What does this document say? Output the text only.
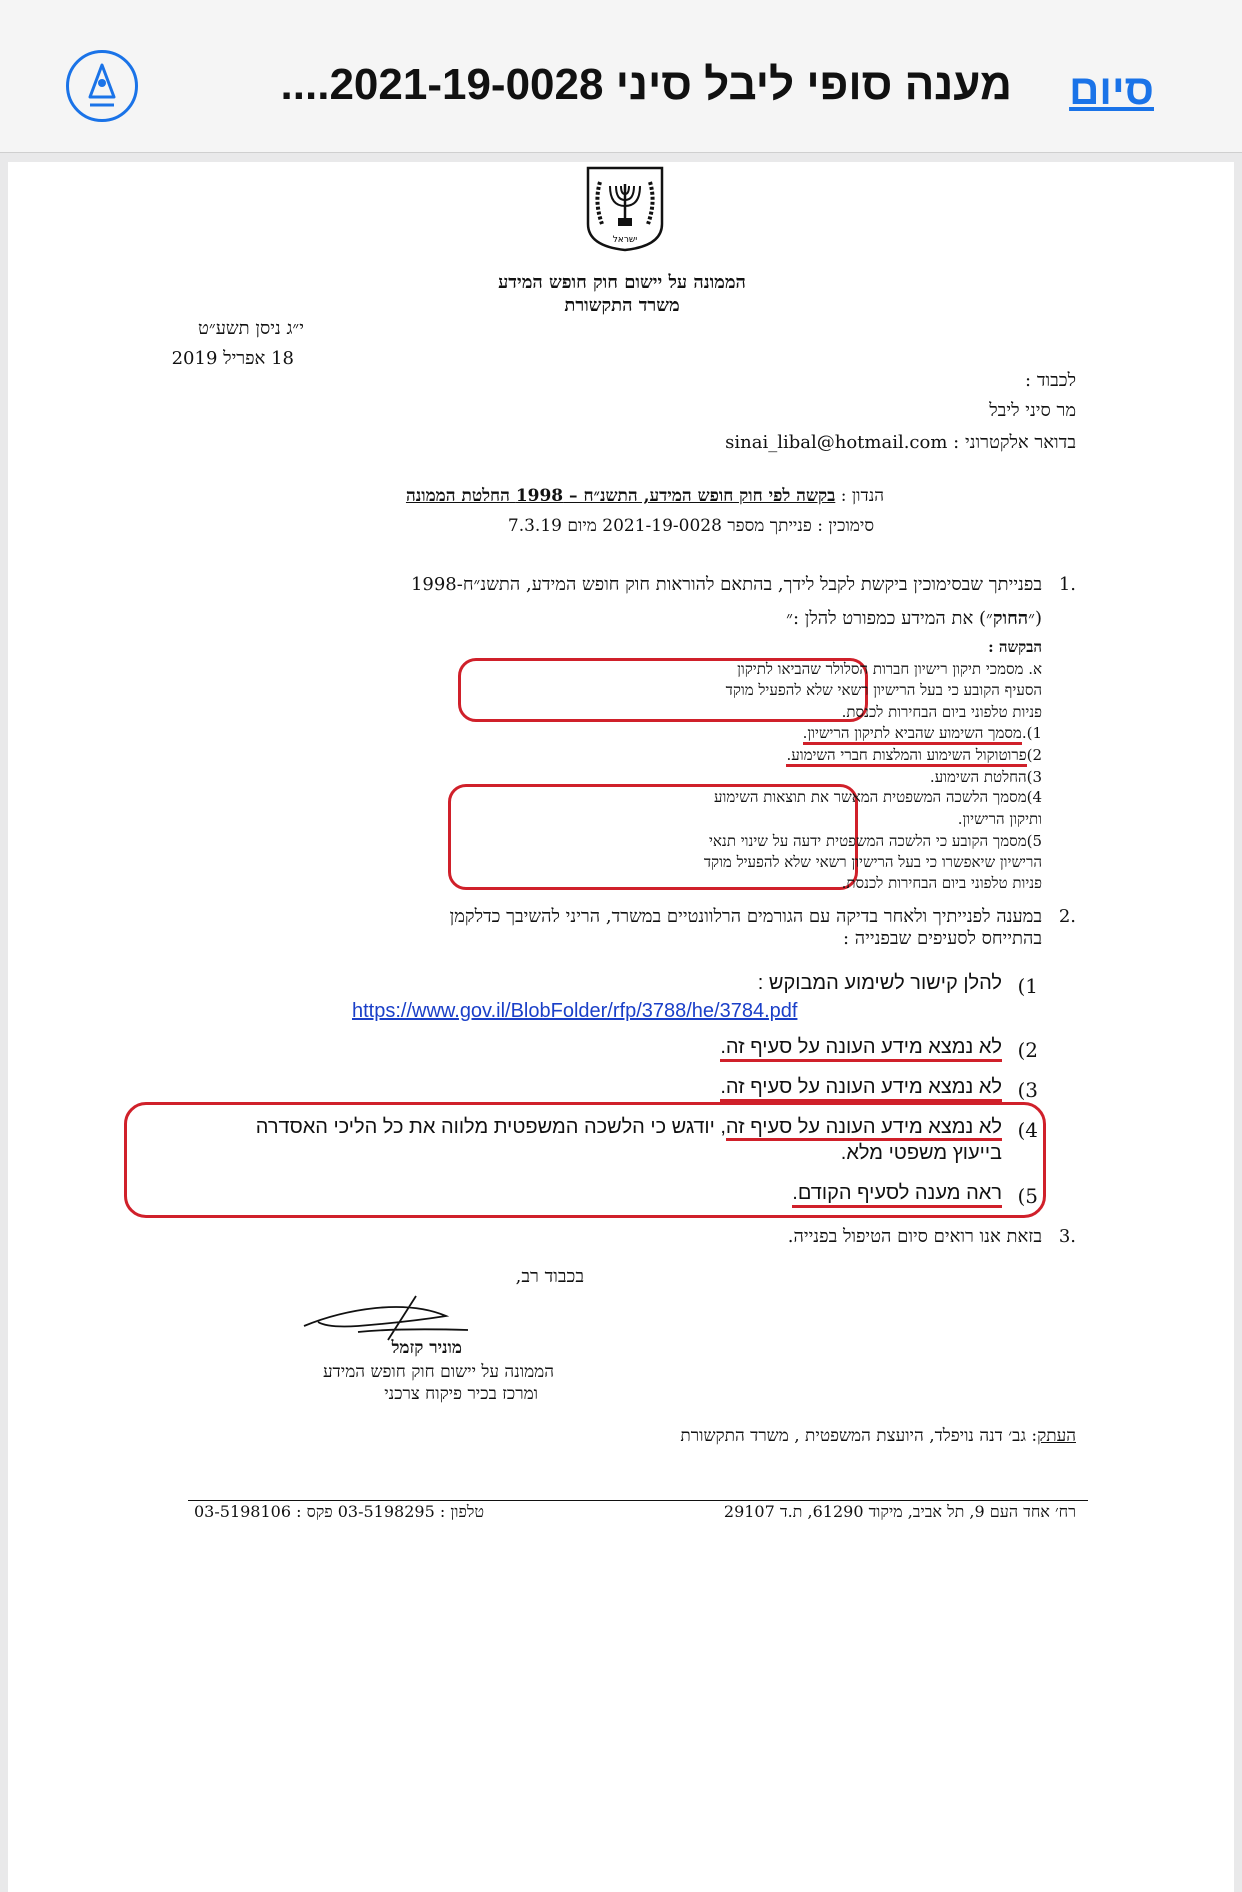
סיום
מענה סופי ליבל סיני 2021-19-0028....
ישראל
הממונה על יישום חוק חופש המידע
משרד התקשורת
י״ג ניסן תשע״ט
18 אפריל 2019
לכבוד :
מר סיני ליבל
בדואר אלקטרוני : sinai_libal@hotmail.com
הנדון : בקשה לפי חוק חופש המידע, התשנ״ח – 1998 החלטת הממונה
סימוכין : פנייתך מספר 2021-19-0028 מיום 7.3.19
.1
בפנייתך שבסימוכין ביקשת לקבל לידך, בהתאם להוראות חוק חופש המידע, התשנ״ח-1998
(״החוק״) את המידע כמפורט להלן :״
הבקשה :
א. מסמכי תיקון רישיון חברות הסלולר שהביאו לתיקון
הסעיף הקובע כי בעל הרישיון רשאי שלא להפעיל מוקד
פניות טלפוני ביום הבחירות לכנסת.
1).מסמך השימוע שהביא לתיקון הרישיון.
2)פרוטוקול השימוע והמלצות חברי השימוע.
3)החלטת השימוע.
4)מסמך הלשכה המשפטית המאשר את תוצאות השימוע
ותיקון הרישיון.
5)מסמך הקובע כי הלשכה המשפטית ידעה על שינוי תנאי
הרישיון שיאפשרו כי בעל הרישיון רשאי שלא להפעיל מוקד
פניות טלפוני ביום הבחירות לכנסת.
.2
במענה לפנייתיך ולאחר בדיקה עם הגורמים הרלוונטיים במשרד, הריני להשיבך כדלקמן
בהתייחס לסעיפים שבפנייה :
1)
להלן קישור לשימוע המבוקש :
https://www.gov.il/BlobFolder/rfp/3788/he/3784.pdf
2)
לא נמצא מידע העונה על סעיף זה.
3)
לא נמצא מידע העונה על סעיף זה.
4)
לא נמצא מידע העונה על סעיף זה, יודגש כי הלשכה המשפטית מלווה את כל הליכי האסדרה
בייעוץ משפטי מלא.
5)
ראה מענה לסעיף הקודם.
.3
בזאת אנו רואים סיום הטיפול בפנייה.
בכבוד רב,
מוניר קזמל
הממונה על יישום חוק חופש המידע
ומרכז בכיר פיקוח צרכני
העתק: גב׳ דנה נויפלד, היועצת המשפטית , משרד התקשורת
רח׳ אחד העם 9, תל אביב, מיקוד 61290, ת.ד 29107
טלפון : 03-5198295 פקס : 03-5198106
